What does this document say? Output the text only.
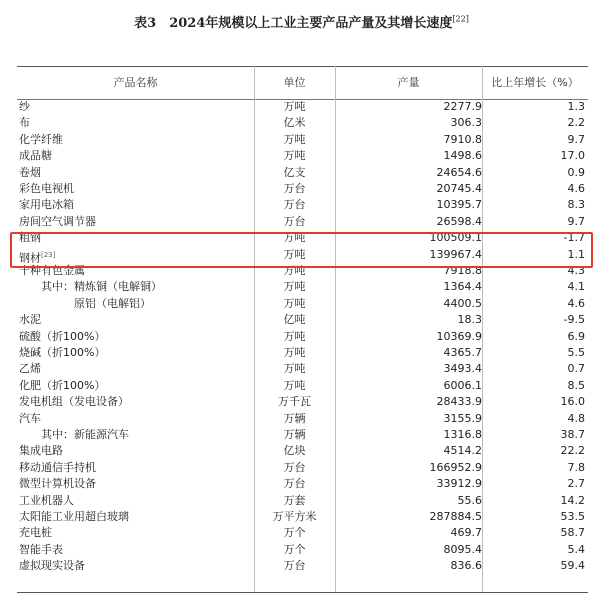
表3　2024年规模以上工业主要产品产量及其增长速度[22]
产品名称	单位	产量	比上年增长（%）
纱	万吨	2277.9	1.3
布	亿米	306.3	2.2
化学纤维	万吨	7910.8	9.7
成品糖	万吨	1498.6	17.0
卷烟	亿支	24654.6	0.9
彩色电视机	万台	20745.4	4.6
家用电冰箱	万台	10395.7	8.3
房间空气调节器	万台	26598.4	9.7
粗钢	万吨	100509.1	-1.7
钢材[23]	万吨	139967.4	1.1
十种有色金属	万吨	7918.8	4.3
　　其中：精炼铜（电解铜）	万吨	1364.4	4.1
　　　　　原铝（电解铝）	万吨	4400.5	4.6
水泥	亿吨	18.3	-9.5
硫酸（折100%）	万吨	10369.9	6.9
烧碱（折100%）	万吨	4365.7	5.5
乙烯	万吨	3493.4	0.7
化肥（折100%）	万吨	6006.1	8.5
发电机组（发电设备）	万千瓦	28433.9	16.0
汽车	万辆	3155.9	4.8
　　其中：新能源汽车	万辆	1316.8	38.7
集成电路	亿块	4514.2	22.2
移动通信手持机	万台	166952.9	7.8
微型计算机设备	万台	33912.9	2.7
工业机器人	万套	55.6	14.2
太阳能工业用超白玻璃	万平方米	287884.5	53.5
充电桩	万个	469.7	58.7
智能手表	万个	8095.4	5.4
虚拟现实设备	万台	836.6	59.4
